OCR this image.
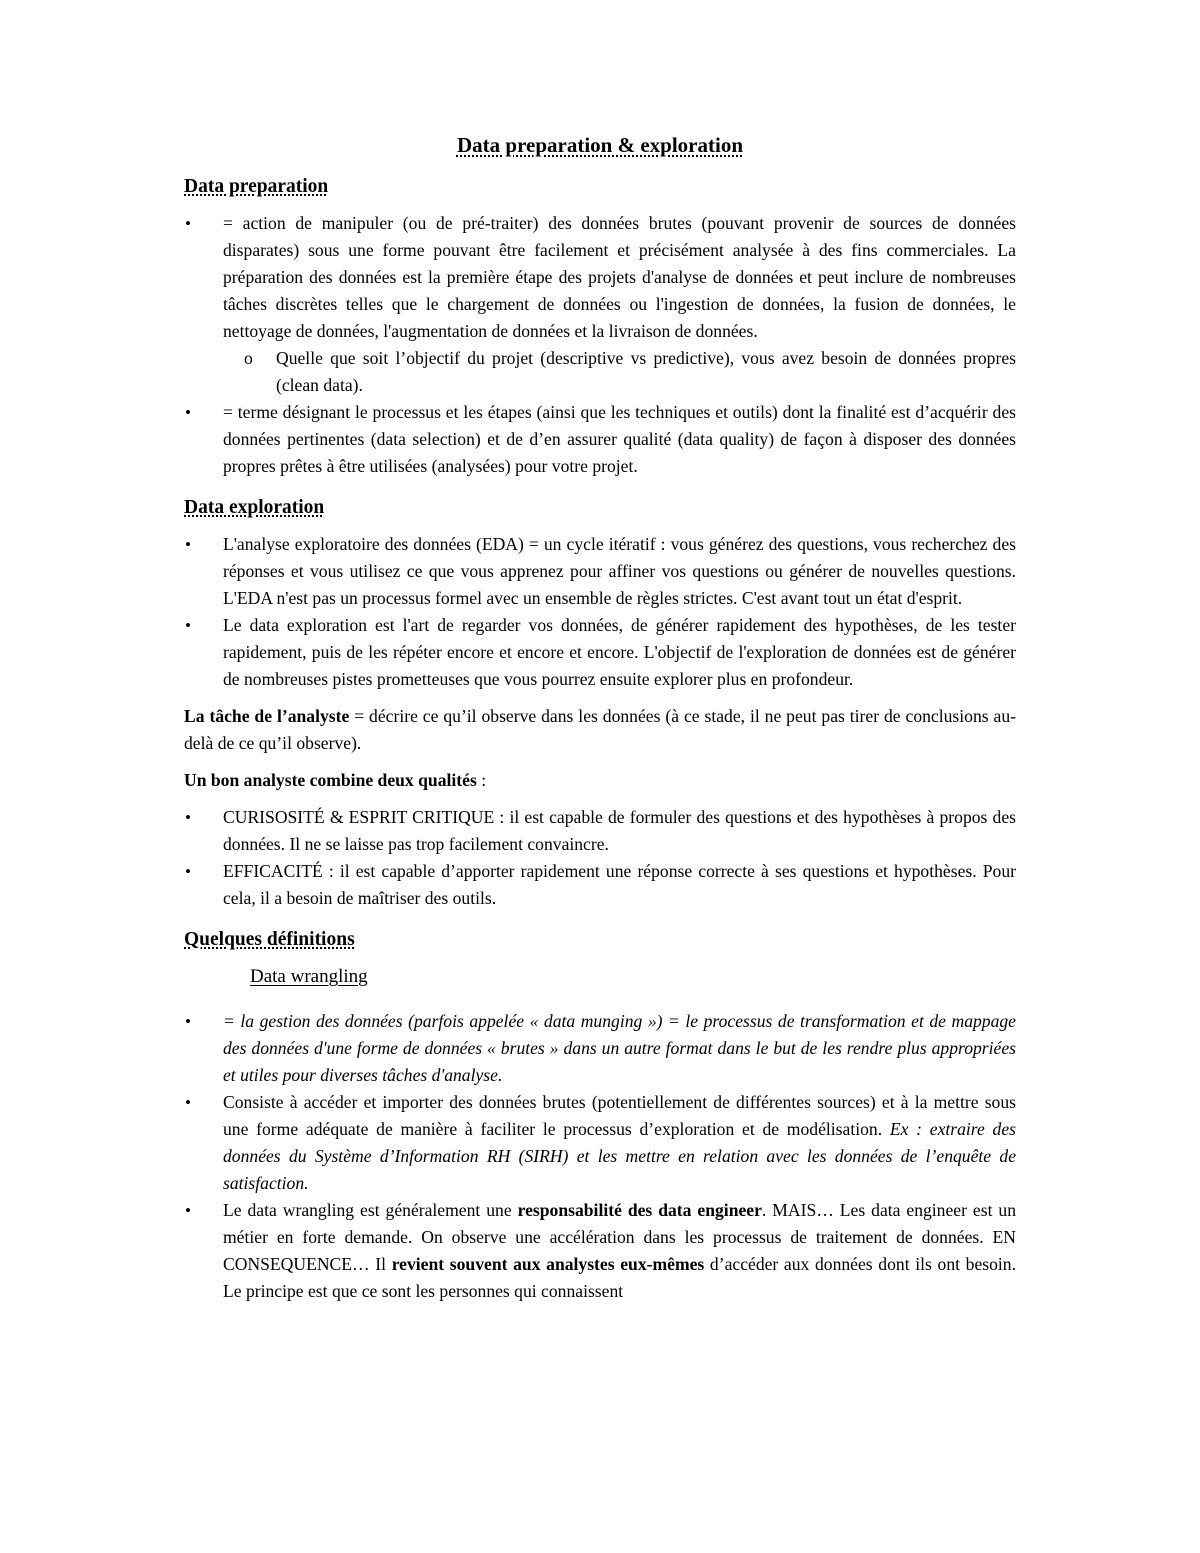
Data preparation & exploration
Data preparation
• = action de manipuler (ou de pré-traiter) des données brutes (pouvant provenir de sources de données disparates) sous une forme pouvant être facilement et précisément analysée à des fins commerciales. La préparation des données est la première étape des projets d'analyse de données et peut inclure de nombreuses tâches discrètes telles que le chargement de données ou l'ingestion de données, la fusion de données, le nettoyage de données, l'augmentation de données et la livraison de données.
o Quelle que soit l’objectif du projet (descriptive vs predictive), vous avez besoin de données propres (clean data).
• = terme désignant le processus et les étapes (ainsi que les techniques et outils) dont la finalité est d’acquérir des données pertinentes (data selection) et de d’en assurer qualité (data quality) de façon à disposer des données propres prêtes à être utilisées (analysées) pour votre projet.
Data exploration
• L'analyse exploratoire des données (EDA) = un cycle itératif : vous générez des questions, vous recherchez des réponses et vous utilisez ce que vous apprenez pour affiner vos questions ou générer de nouvelles questions. L'EDA n'est pas un processus formel avec un ensemble de règles strictes. C'est avant tout un état d'esprit.
• Le data exploration est l'art de regarder vos données, de générer rapidement des hypothèses, de les tester rapidement, puis de les répéter encore et encore et encore. L'objectif de l'exploration de données est de générer de nombreuses pistes prometteuses que vous pourrez ensuite explorer plus en profondeur.

La tâche de l’analyste = décrire ce qu’il observe dans les données (à ce stade, il ne peut pas tirer de conclusions au-delà de ce qu’il observe).

Un bon analyste combine deux qualités :

• CURISOSITÉ & ESPRIT CRITIQUE : il est capable de formuler des questions et des hypothèses à propos des données. Il ne se laisse pas trop facilement convaincre.
• EFFICACITÉ : il est capable d’apporter rapidement une réponse correcte à ses questions et hypothèses. Pour cela, il a besoin de maîtriser des outils.
Quelques définitions
Data wrangling
• = la gestion des données (parfois appelée « data munging ») = le processus de transformation et de mappage des données d'une forme de données « brutes » dans un autre format dans le but de les rendre plus appropriées et utiles pour diverses tâches d'analyse.
• Consiste à accéder et importer des données brutes (potentiellement de différentes sources) et à la mettre sous une forme adéquate de manière à faciliter le processus d’exploration et de modélisation. Ex : extraire des données du Système d’Information RH (SIRH) et les mettre en relation avec les données de l’enquête de satisfaction.
• Le data wrangling est généralement une responsabilité des data engineer. MAIS… Les data engineer est un métier en forte demande. On observe une accélération dans les processus de traitement de données. EN CONSEQUENCE… Il revient souvent aux analystes eux-mêmes d’accéder aux données dont ils ont besoin. Le principe est que ce sont les personnes qui connaissent
